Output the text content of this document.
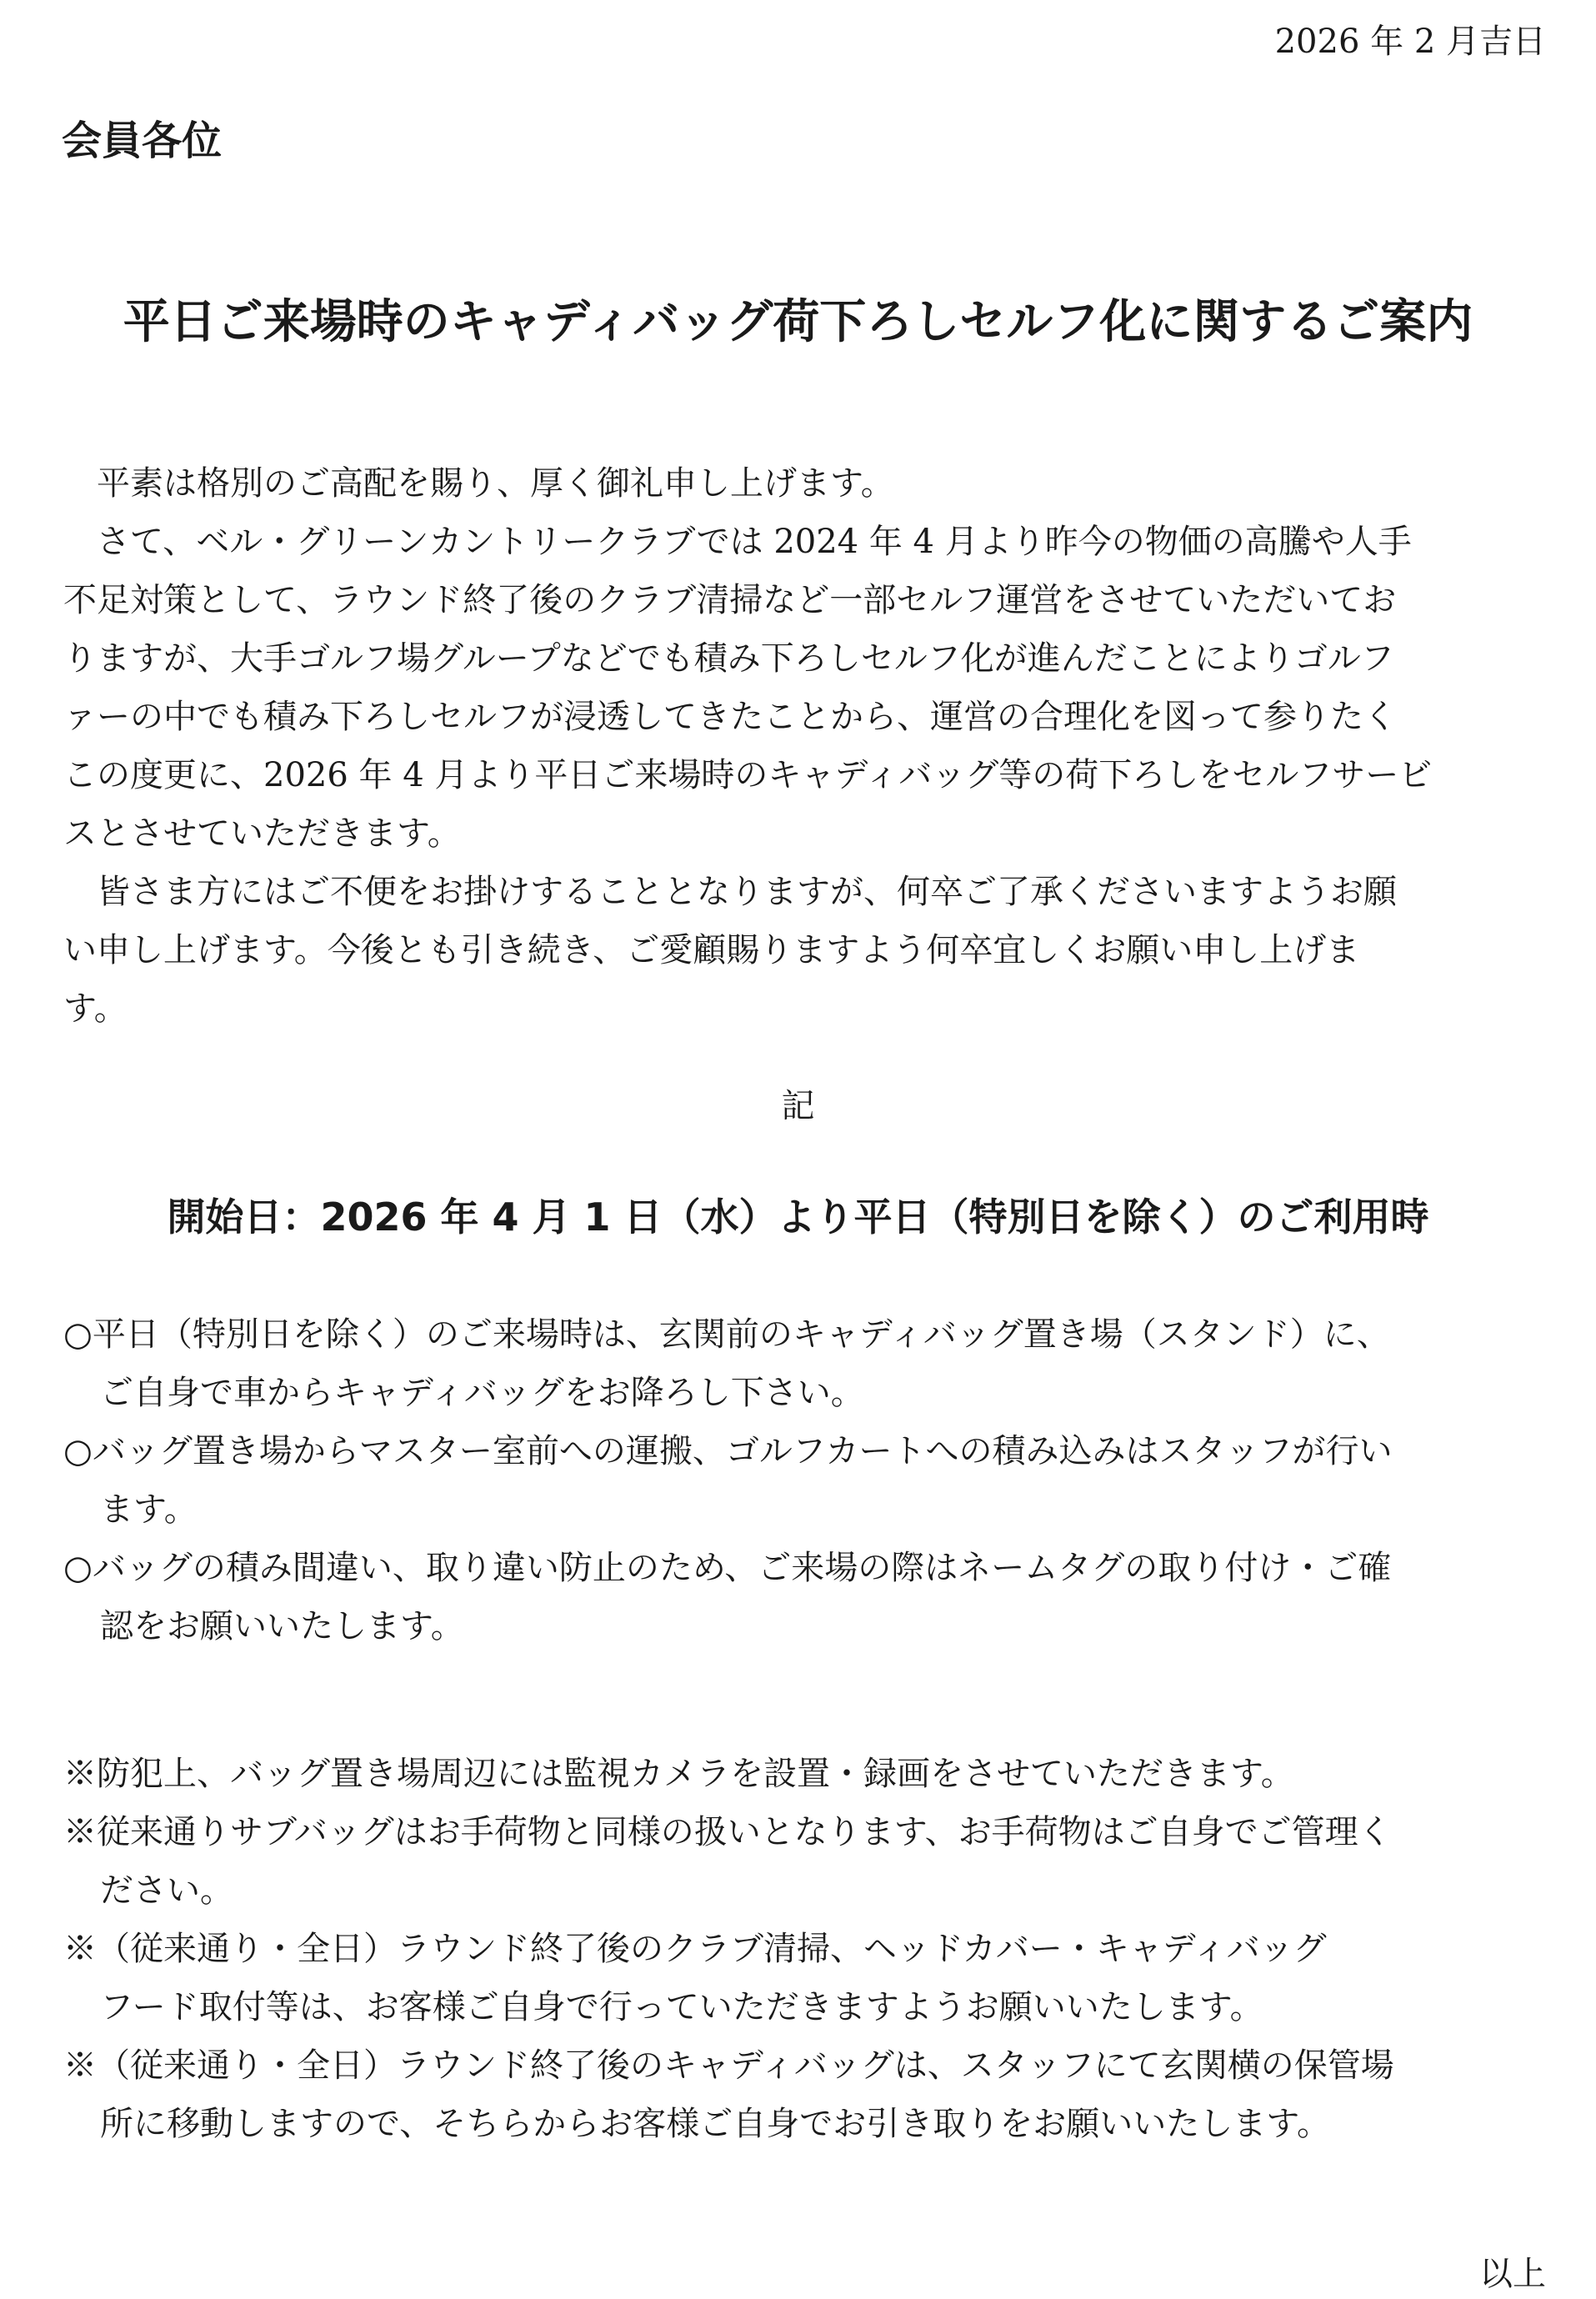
2026 年 2 月吉日
会員各位
平日ご来場時のキャディバッグ荷下ろしセルフ化に関するご案内
　平素は格別のご高配を賜り、厚く御礼申し上げます。
　さて、ベル・グリーンカントリークラブでは 2024 年 4 月より昨今の物価の高騰や人手
不足対策として、ラウンド終了後のクラブ清掃など一部セルフ運営をさせていただいてお
りますが、大手ゴルフ場グループなどでも積み下ろしセルフ化が進んだことによりゴルフ
ァーの中でも積み下ろしセルフが浸透してきたことから、運営の合理化を図って参りたく
この度更に、2026 年 4 月より平日ご来場時のキャディバッグ等の荷下ろしをセルフサービ
スとさせていただきます。
　皆さま方にはご不便をお掛けすることとなりますが、何卒ご了承くださいますようお願
い申し上げます。今後とも引き続き、ご愛顧賜りますよう何卒宜しくお願い申し上げま
す。
記
開始日：2026 年 4 月 1 日（水）より平日（特別日を除く）のご利用時
○平日（特別日を除く）のご来場時は、玄関前のキャディバッグ置き場（スタンド）に、
ご自身で車からキャディバッグをお降ろし下さい。
○バッグ置き場からマスター室前への運搬、ゴルフカートへの積み込みはスタッフが行い
ます。
○バッグの積み間違い、取り違い防止のため、ご来場の際はネームタグの取り付け・ご確
認をお願いいたします。
※防犯上、バッグ置き場周辺には監視カメラを設置・録画をさせていただきます。
※従来通りサブバッグはお手荷物と同様の扱いとなります、お手荷物はご自身でご管理く
ださい。
※（従来通り・全日）ラウンド終了後のクラブ清掃、ヘッドカバー・キャディバッグ
フード取付等は、お客様ご自身で行っていただきますようお願いいたします。
※（従来通り・全日）ラウンド終了後のキャディバッグは、スタッフにて玄関横の保管場
所に移動しますので、そちらからお客様ご自身でお引き取りをお願いいたします。
以上
